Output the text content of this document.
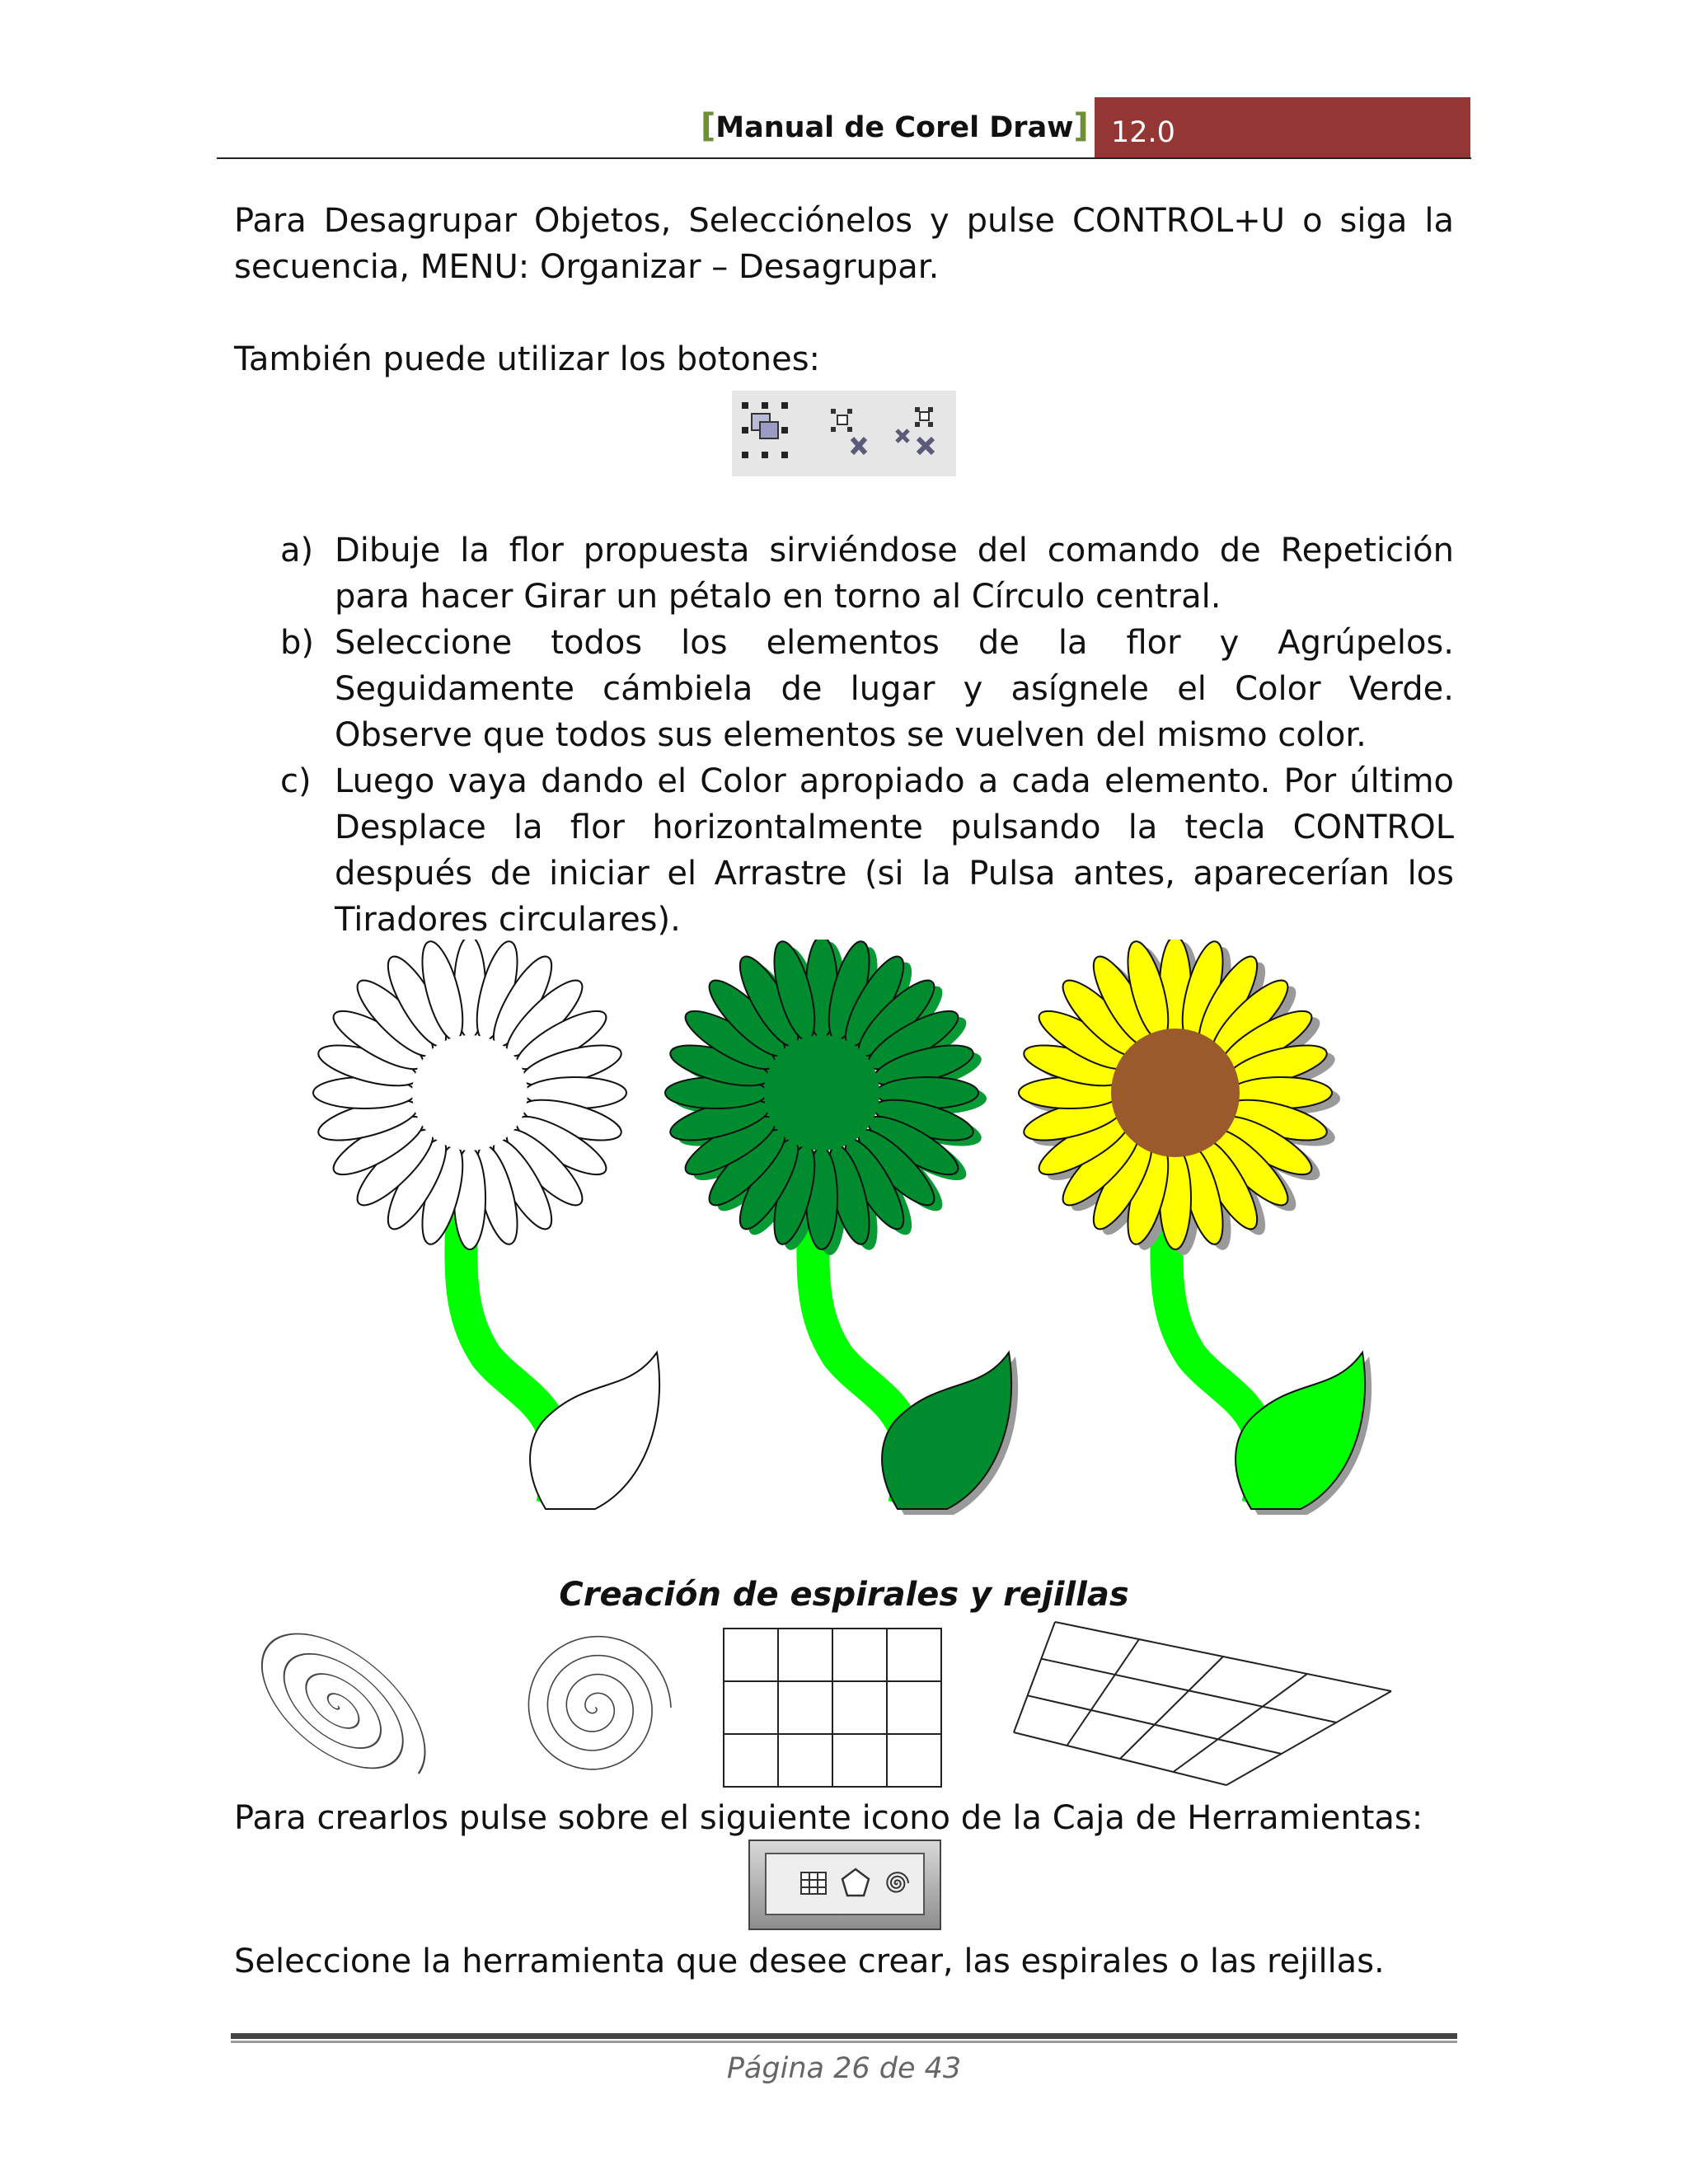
[Manual de Corel Draw] 12.0
Para Desagrupar Objetos, Selecciónelos y pulse CONTROL+U o siga la secuencia, MENU: Organizar – Desagrupar.
También puede utilizar los botones:
a) Dibuje la flor propuesta sirviéndose del comando de Repetición para hacer Girar un pétalo en torno al Círculo central.
b) Seleccione todos los elementos de la flor y Agrúpelos. Seguidamente cámbiela de lugar y asígnele el Color Verde. Observe que todos sus elementos se vuelven del mismo color.
c) Luego vaya dando el Color apropiado a cada elemento. Por último Desplace la flor horizontalmente pulsando la tecla CONTROL después de iniciar el Arrastre (si la Pulsa antes, aparecerían los Tiradores circulares).
Creación de espirales y rejillas
Para crearlos pulse sobre el siguiente icono de la Caja de Herramientas:
Seleccione la herramienta que desee crear, las espirales o las rejillas.
Página 26 de 43
